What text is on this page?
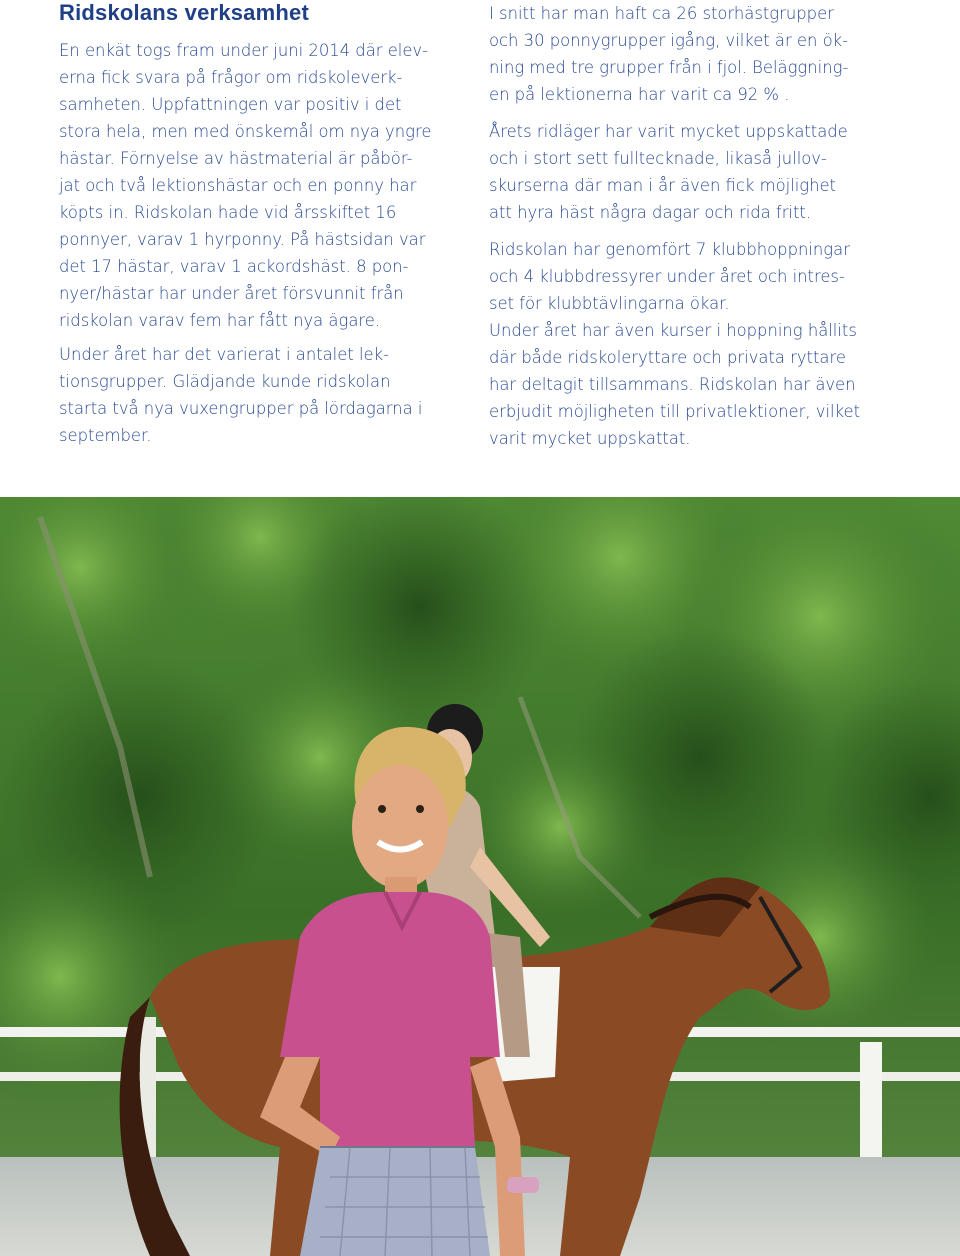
Ridskolans verksamhet

En enkät togs fram under juni 2014 där elev-
erna fick svara på frågor om ridskoleverk-
samheten. Uppfattningen var positiv i det
stora hela, men med önskemål om nya yngre
hästar. Förnyelse av hästmaterial är påbör-
jat och två lektionshästar och en ponny har
köpts in. Ridskolan hade vid årsskiftet 16
ponnyer, varav 1 hyrponny. På hästsidan var
det 17 hästar, varav 1 ackordshäst. 8 pon-
nyer/hästar har under året försvunnit från
ridskolan varav fem har fått nya ägare.

Under året har det varierat i antalet lek-
tionsgrupper. Glädjande kunde ridskolan
starta två nya vuxengrupper på lördagarna i
september.

I snitt har man haft ca 26 storhästgrupper
och 30 ponnygrupper igång, vilket är en ök-
ning med tre grupper från i fjol. Beläggning-
en på lektionerna har varit ca 92 % .

Årets ridläger har varit mycket uppskattade
och i stort sett fulltecknade, likaså jullov-
skurserna där man i år även fick möjlighet
att hyra häst några dagar och rida fritt.

Ridskolan har genomfört 7 klubbhoppningar
och 4 klubbdressyrer under året och intres-
set för klubbtävlingarna ökar.

Under året har även kurser i hoppning hållits
där både ridskoleryttare och privata ryttare
har deltagit tillsammans. Ridskolan har även
erbjudit möjligheten till privatlektioner, vilket
varit mycket uppskattat.
